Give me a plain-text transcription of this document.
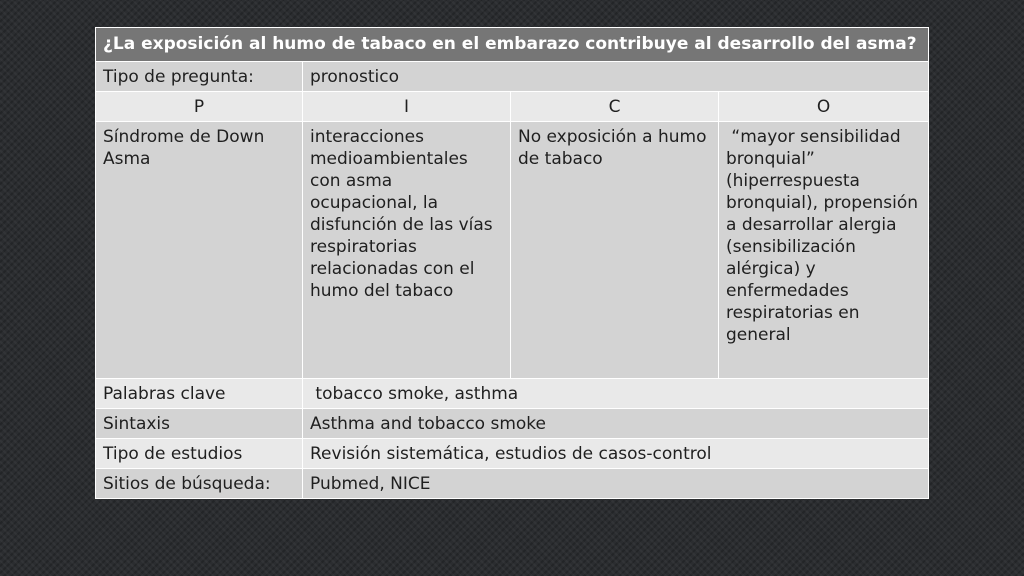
¿La exposición al humo de tabaco en el embarazo contribuye al desarrollo del asma?			
Tipo de pregunta:	pronostico		
P	I	C	O
Síndrome de Down Asma	interacciones medioambientales con asma ocupacional, la disfunción de las vías respiratorias relacionadas con el humo del tabaco	No exposición a humo de tabaco	“mayor sensibilidad bronquial” (hiperrespuesta bronquial), propensión a desarrollar alergia (sensibilización alérgica) y enfermedades respiratorias en general
Palabras clave	tobacco smoke, asthma		
Sintaxis	Asthma and tobacco smoke		
Tipo de estudios	Revisión sistemática, estudios de casos-control		
Sitios de búsqueda:	Pubmed, NICE		
